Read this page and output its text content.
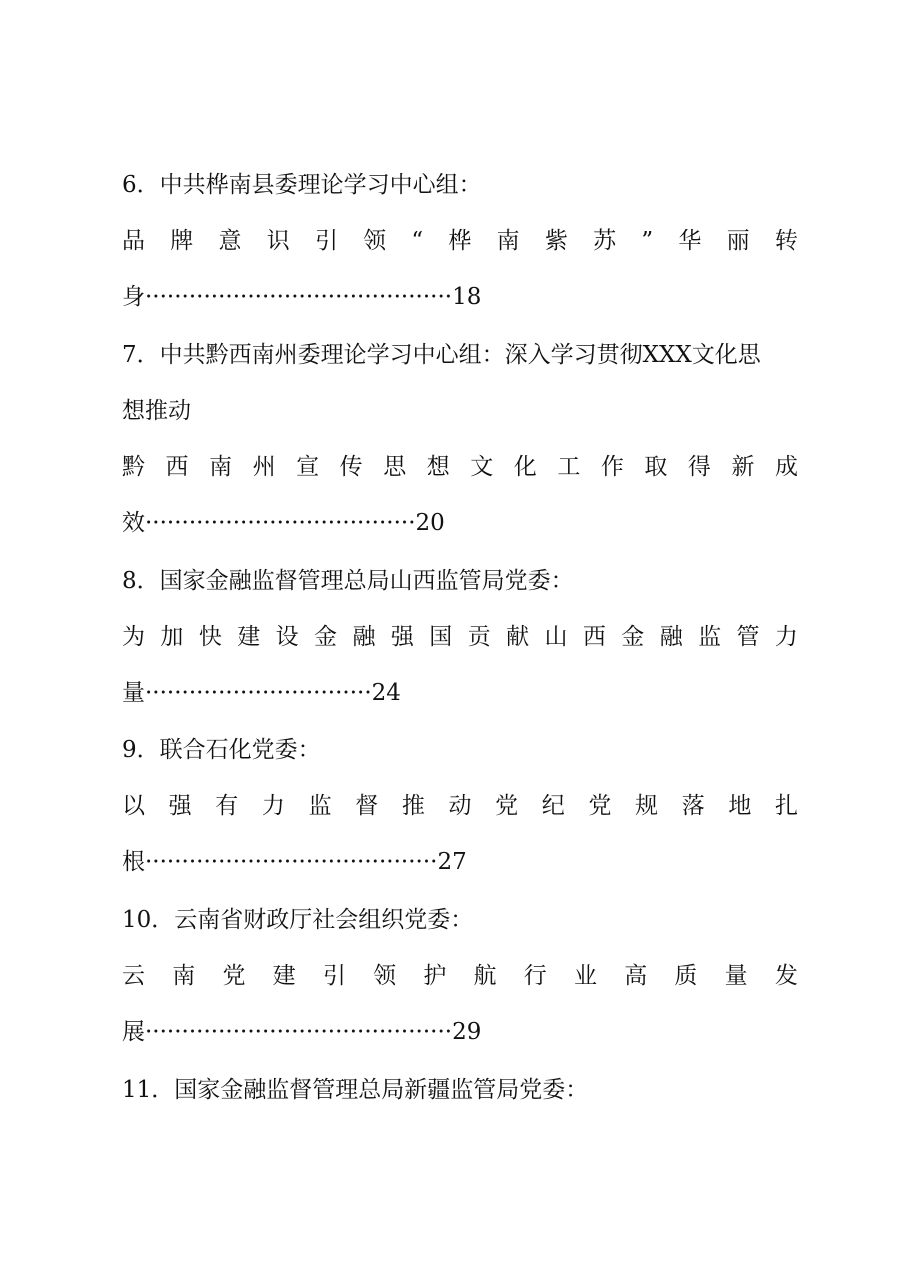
6．中共桦南县委理论学习中心组：
品 牌 意 识 引 领 “ 桦 南 紫 苏 ” 华 丽 转
身··········································18
7．中共黔西南州委理论学习中心组：深入学习贯彻XXX文化思
想推动
黔 西 南 州 宣 传 思 想 文 化 工 作 取 得 新 成
效·····································20
8．国家金融监督管理总局山西监管局党委：
为 加 快 建 设 金 融 强 国 贡 献 山 西 金 融 监 管 力
量·······························24
9．联合石化党委：
以 强 有 力 监 督 推 动 党 纪 党 规 落 地 扎
根········································27
10．云南省财政厅社会组织党委：
云 南 党 建 引 领 护 航 行 业 高 质 量 发
展··········································29
11．国家金融监督管理总局新疆监管局党委：
